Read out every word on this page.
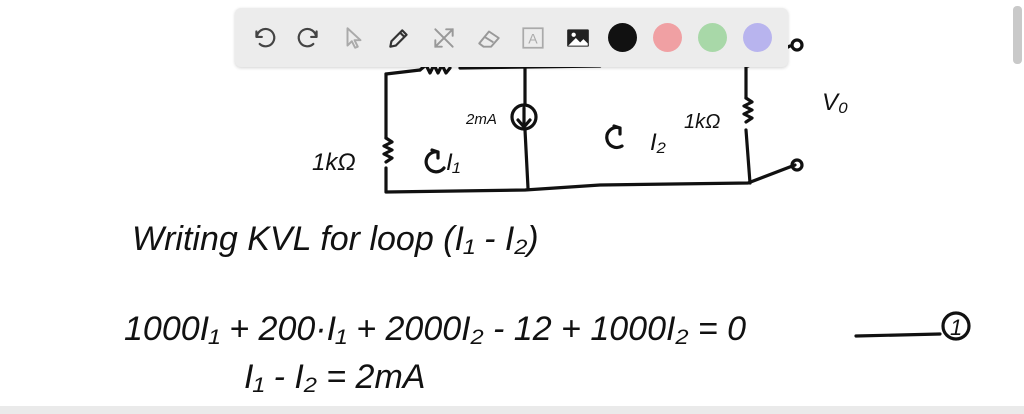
1kΩ
2mA
I₁
I₂
1kΩ
V₀
Writing KVL for loop (I₁ - I₂)
1000I₁ + 200·I₁ + 2000I₂ - 12 + 1000I₂ = 0	1
I₁ - I₂ = 2mA
A
